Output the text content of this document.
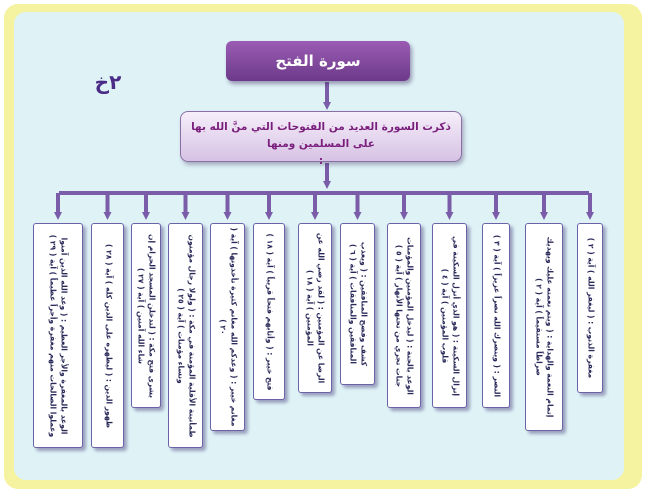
سورة الفتح
٢خ
ذكرت السورة العديد من الفتوحات التي منَّ الله بها على المسلمين ومنها
:
مغفرة الذنوب : ( ليغفر الله ) آية ( ٢ )
إتمام النعمة والهداية : ( ويتم نعمته عليك ويهديك صراطاً مستقيماً ) آية ( ٢ )
النصر : ( وينصرك الله نصراً عزيزاً ) آية ( ٣ )
إنزال السكينة : ( هو الذي أنزل السكينة في قلوب المؤمنين ) آية ( ٤ )
الوعد بالجنة : ( ليدخل المؤمنين والمؤمنات جنات تجري من تحتها الأنهار ) آية ( ٥ )
كشف وفضح المنافقين : ( ويعذب المنافقين والمنافقات ) آية ( ٦ )
الرضا عن المؤمنين : ( لقد رضي الله عن المؤمنين ) آية ( ١٨ )
فتح خيبر : ( وأثابهم فتحاً قريباً ) آية ( ١٨ )
مغانم خيبر : ( وعدكم الله مغانم كثيرة تأخذونها ) آية ( ٢٠ )
طمأنينة الأقلية المؤمنة في مكة : ( ولولا رجال مؤمنون ونساء مؤمنات ) آية ( ٢٥ )
بشرى فتح مكة : ( لتدخلن المسجد الحرام إن شاء الله آمنين ) آية ( ٢٧ )
ظهور الدين : ( ليظهره على الدين كله ) آية ( ٢٨ )
الوعد بالمغفرة والأجر العظيم : ( وعد الله الذين آمنوا وعملوا الصالحات منهم مغفرة وأجراً عظيماً ) آية ( ٢٩ )
